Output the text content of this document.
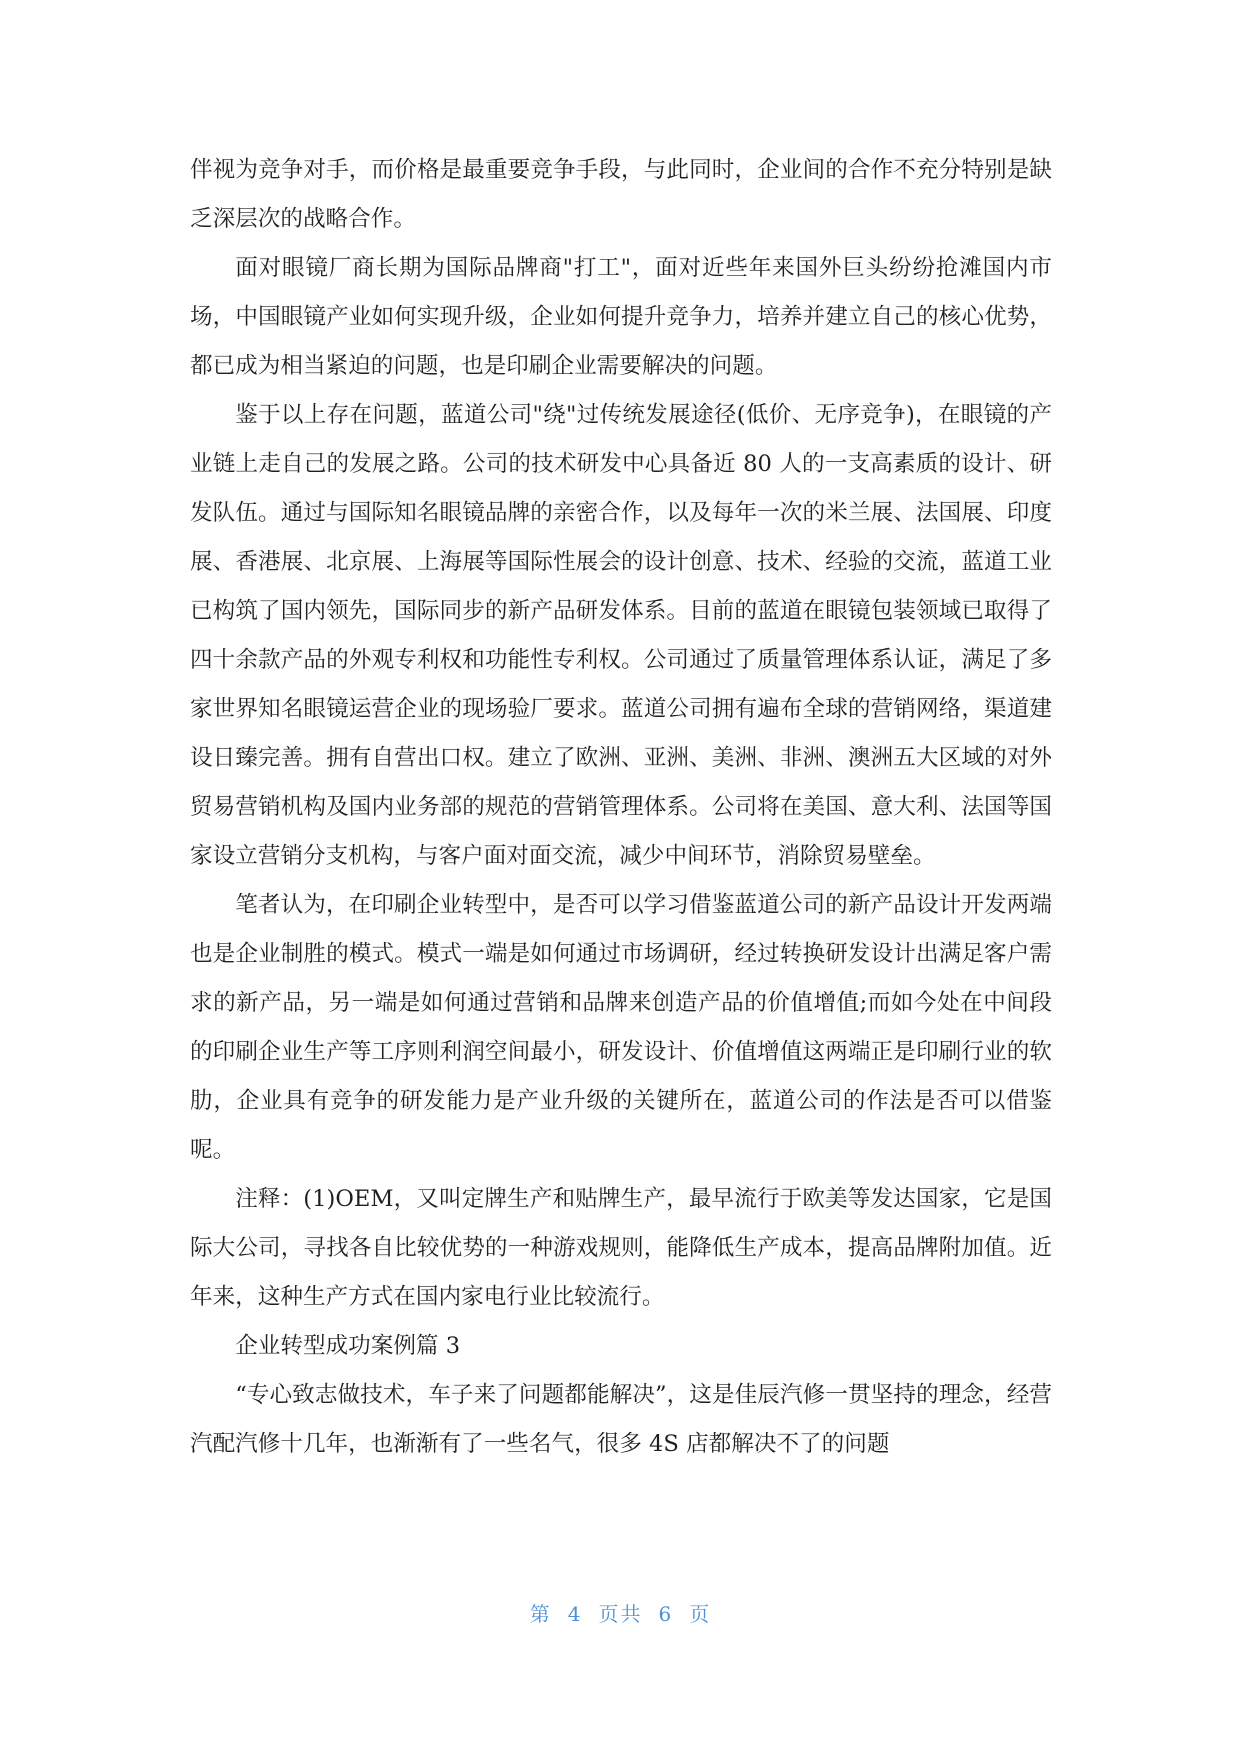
伴视为竞争对手，而价格是最重要竞争手段，与此同时，企业间的合作不充分特别是缺乏深层次的战略合作。

面对眼镜厂商长期为国际品牌商"打工"，面对近些年来国外巨头纷纷抢滩国内市场，中国眼镜产业如何实现升级，企业如何提升竞争力，培养并建立自己的核心优势，都已成为相当紧迫的问题，也是印刷企业需要解决的问题。

鉴于以上存在问题，蓝道公司"绕"过传统发展途径(低价、无序竞争)，在眼镜的产业链上走自己的发展之路。公司的技术研发中心具备近 80 人的一支高素质的设计、研发队伍。通过与国际知名眼镜品牌的亲密合作，以及每年一次的米兰展、法国展、印度展、香港展、北京展、上海展等国际性展会的设计创意、技术、经验的交流，蓝道工业已构筑了国内领先，国际同步的新产品研发体系。目前的蓝道在眼镜包装领域已取得了四十余款产品的外观专利权和功能性专利权。公司通过了质量管理体系认证，满足了多家世界知名眼镜运营企业的现场验厂要求。蓝道公司拥有遍布全球的营销网络，渠道建设日臻完善。拥有自营出口权。建立了欧洲、亚洲、美洲、非洲、澳洲五大区域的对外贸易营销机构及国内业务部的规范的营销管理体系。公司将在美国、意大利、法国等国家设立营销分支机构，与客户面对面交流，减少中间环节，消除贸易壁垒。

笔者认为，在印刷企业转型中，是否可以学习借鉴蓝道公司的新产品设计开发两端也是企业制胜的模式。模式一端是如何通过市场调研，经过转换研发设计出满足客户需求的新产品，另一端是如何通过营销和品牌来创造产品的价值增值;而如今处在中间段的印刷企业生产等工序则利润空间最小，研发设计、价值增值这两端正是印刷行业的软肋，企业具有竞争的研发能力是产业升级的关键所在，蓝道公司的作法是否可以借鉴呢。

注释：(1)OEM，又叫定牌生产和贴牌生产，最早流行于欧美等发达国家，它是国际大公司，寻找各自比较优势的一种游戏规则，能降低生产成本，提高品牌附加值。近年来，这种生产方式在国内家电行业比较流行。

企业转型成功案例篇 3

“专心致志做技术，车子来了问题都能解决”，这是佳辰汽修一贯坚持的理念，经营汽配汽修十几年，也渐渐有了一些名气，很多 4S 店都解决不了的问题

第 4 页共 6 页
